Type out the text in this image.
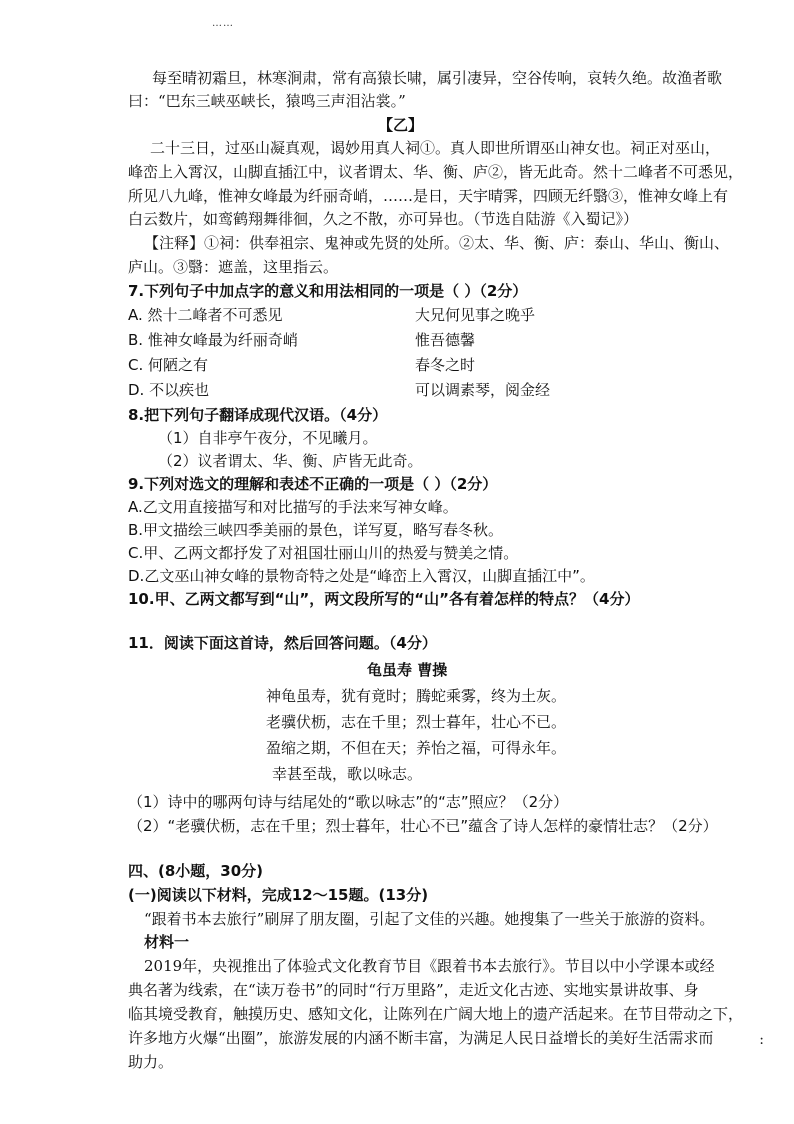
……
每至晴初霜旦，林寒涧肃，常有高猿长啸，属引凄异，空谷传响，哀转久绝。故渔者歌
曰：“巴东三峡巫峡长，猿鸣三声泪沾裳。”
【乙】
二十三日，过巫山凝真观，谒妙用真人祠①。真人即世所谓巫山神女也。祠正对巫山，
峰峦上入霄汉，山脚直插江中，议者谓太、华、衡、庐②，皆无此奇。然十二峰者不可悉见，
所见八九峰，惟神女峰最为纤丽奇峭，……是日，天宇晴霁，四顾无纤翳③，惟神女峰上有
白云数片，如鸾鹤翔舞徘徊，久之不散，亦可异也。（节选自陆游《入蜀记》）
【注释】①祠：供奉祖宗、鬼神或先贤的处所。②太、华、衡、庐：泰山、华山、衡山、
庐山。③翳：遮盖，这里指云。
7.下列句子中加点字的意义和用法相同的一项是（ ）（2分）
A. 然十二峰者不可悉见	大兄何见事之晚乎
B. 惟神女峰最为纤丽奇峭	惟吾德馨
C. 何陋之有	春冬之时
D. 不以疾也	可以调素琴，阅金经
8.把下列句子翻译成现代汉语。（4分）
（1）自非亭午夜分，不见曦月。
（2）议者谓太、华、衡、庐皆无此奇。
9.下列对选文的理解和表述不正确的一项是（ ）（2分）
A.乙文用直接描写和对比描写的手法来写神女峰。
B.甲文描绘三峡四季美丽的景色，详写夏，略写春冬秋。
C.甲、乙两文都抒发了对祖国壮丽山川的热爱与赞美之情。
D.乙文巫山神女峰的景物奇特之处是“峰峦上入霄汉，山脚直插江中”。
10.甲、乙两文都写到“山”，两文段所写的“山”各有着怎样的特点？（4分）
11．阅读下面这首诗，然后回答问题。（4分）
龟虽寿 曹操
神龟虽寿，犹有竟时；腾蛇乘雾，终为土灰。
老骥伏枥，志在千里；烈士暮年，壮心不已。
盈缩之期，不但在天；养怡之福，可得永年。
幸甚至哉，歌以咏志。
（1）诗中的哪两句诗与结尾处的“歌以咏志”的“志”照应？（2分）
（2）“老骥伏枥，志在千里；烈士暮年，壮心不已”蕴含了诗人怎样的豪情壮志？（2分）
四、(8小题，30分)
(一)阅读以下材料，完成12～15题。(13分)
“跟着书本去旅行”刷屏了朋友圈，引起了文佳的兴趣。她搜集了一些关于旅游的资料。
材料一
2019年，央视推出了体验式文化教育节目《跟着书本去旅行》。节目以中小学课本或经
典名著为线索，在“读万卷书”的同时“行万里路”，走近文化古迹、实地实景讲故事、身
临其境受教育，触摸历史、感知文化，让陈列在广阔大地上的遗产活起来。在节目带动之下，
许多地方火爆“出圈”，旅游发展的内涵不断丰富，为满足人民日益增长的美好生活需求而
助力。
:
